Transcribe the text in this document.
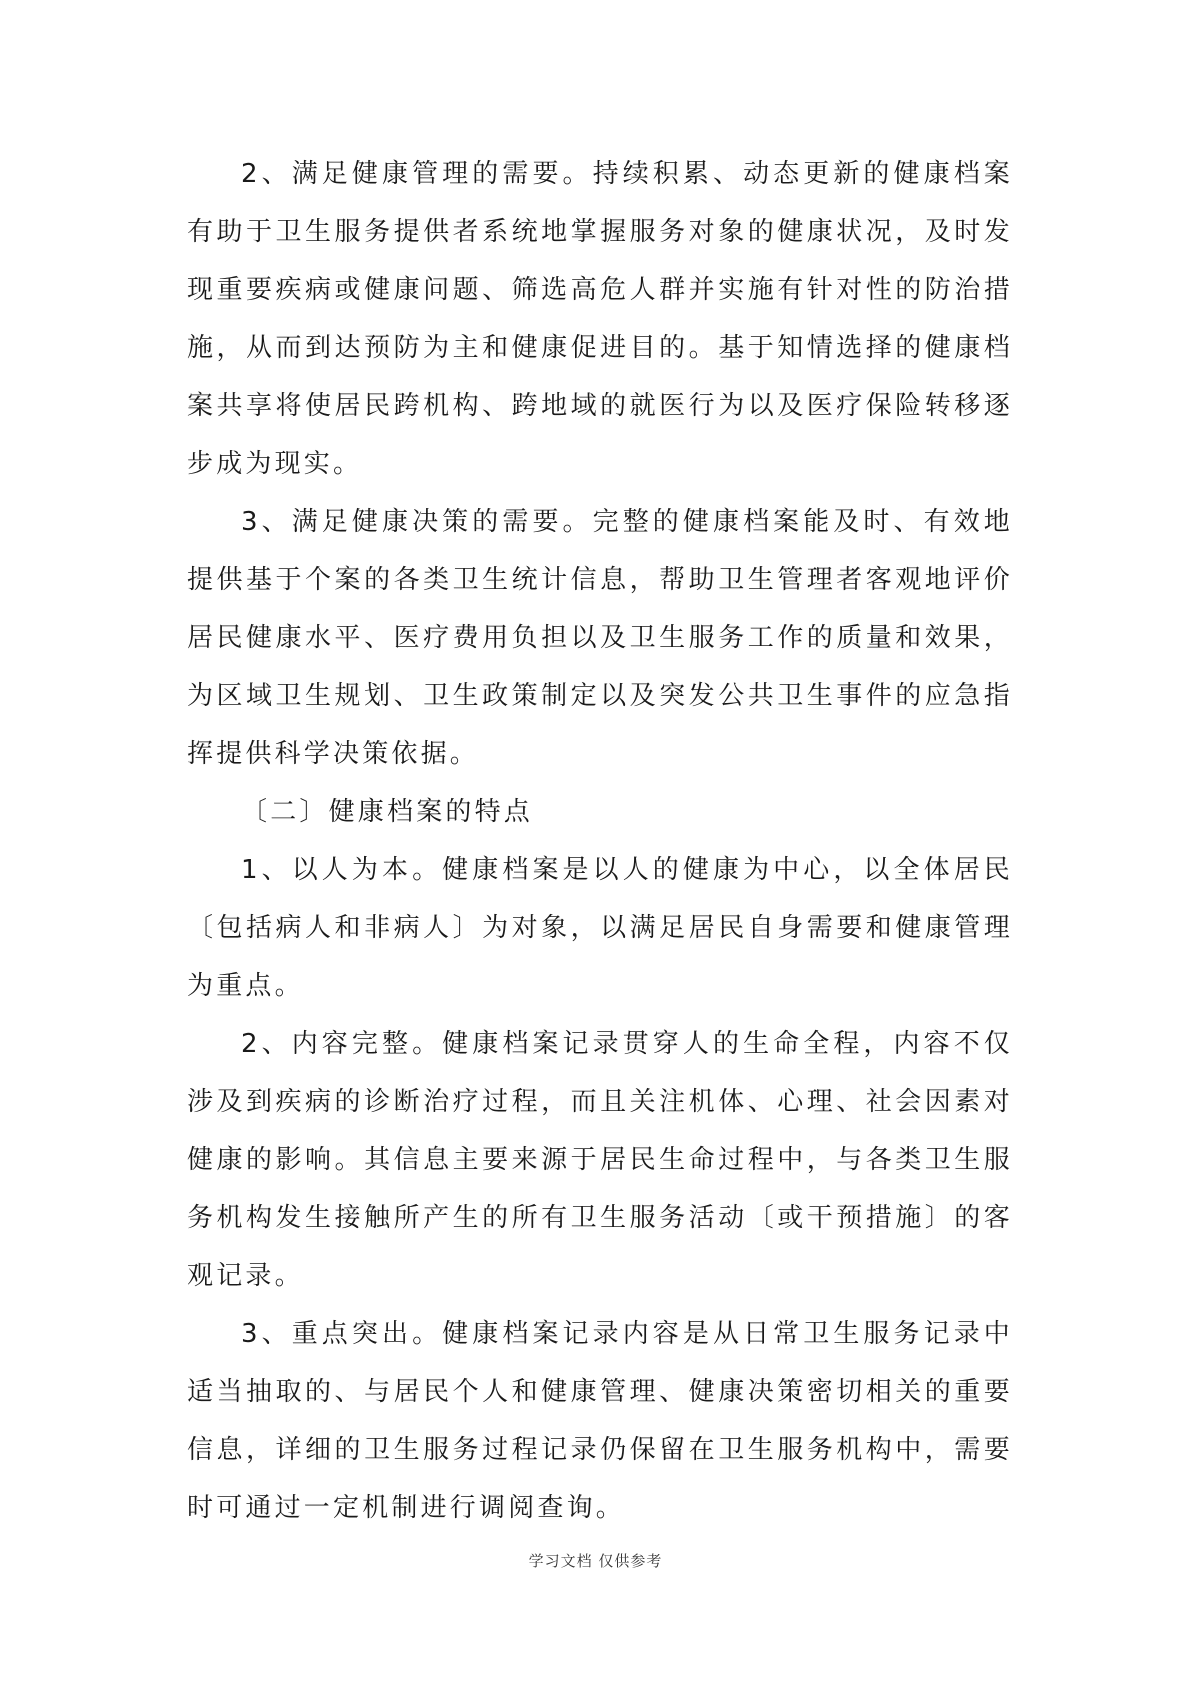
2、满足健康管理的需要。持续积累、动态更新的健康档案有助于卫生服务提供者系统地掌握服务对象的健康状况，及时发现重要疾病或健康问题、筛选高危人群并实施有针对性的防治措施，从而到达预防为主和健康促进目的。基于知情选择的健康档案共享将使居民跨机构、跨地域的就医行为以及医疗保险转移逐步成为现实。

3、满足健康决策的需要。完整的健康档案能及时、有效地提供基于个案的各类卫生统计信息，帮助卫生管理者客观地评价居民健康水平、医疗费用负担以及卫生服务工作的质量和效果，为区域卫生规划、卫生政策制定以及突发公共卫生事件的应急指挥提供科学决策依据。

〔二〕健康档案的特点

1、以人为本。健康档案是以人的健康为中心，以全体居民〔包括病人和非病人〕为对象，以满足居民自身需要和健康管理为重点。

2、内容完整。健康档案记录贯穿人的生命全程，内容不仅涉及到疾病的诊断治疗过程，而且关注机体、心理、社会因素对健康的影响。其信息主要来源于居民生命过程中，与各类卫生服务机构发生接触所产生的所有卫生服务活动〔或干预措施〕的客观记录。

3、重点突出。健康档案记录内容是从日常卫生服务记录中适当抽取的、与居民个人和健康管理、健康决策密切相关的重要信息，详细的卫生服务过程记录仍保留在卫生服务机构中，需要时可通过一定机制进行调阅查询。

学习文档 仅供参考
